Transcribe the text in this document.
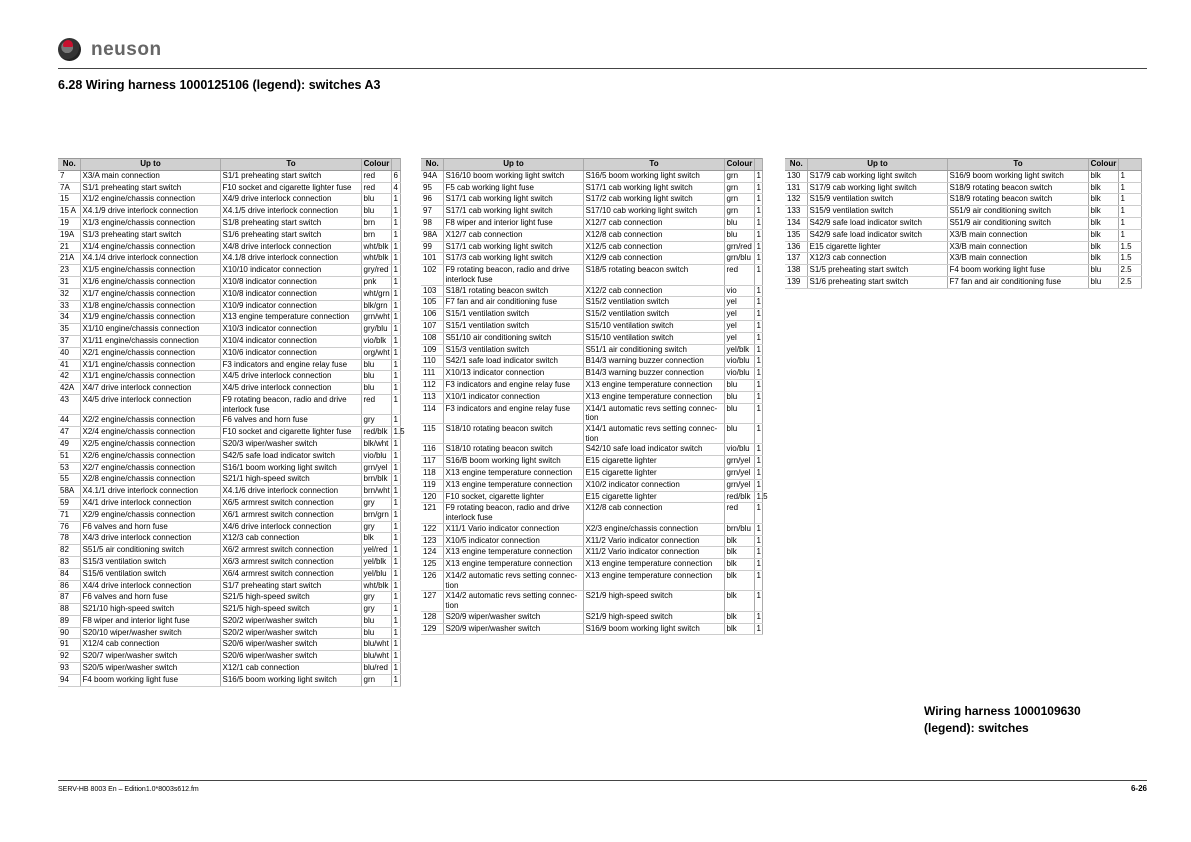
neuson
6.28 Wiring harness 1000125106 (legend): switches A3
No.	Up to	To	Colour	
7	X3/A main connection	S1/1 preheating start switch	red	6
7A	S1/1 preheating start switch	F10 socket and cigarette lighter fuse	red	4
15	X1/2 engine/chassis connection	X4/9 drive interlock connection	blu	1
15 A	X4.1/9 drive interlock connection	X4.1/5 drive interlock connection	blu	1
19	X1/3 engine/chassis connection	S1/8 preheating start switch	brn	1
19A	S1/3 preheating start switch	S1/6 preheating start switch	brn	1
21	X1/4 engine/chassis connection	X4/8 drive interlock connection	wht/blk	1
21A	X4.1/4 drive interlock connection	X4.1/8 drive interlock connection	wht/blk	1
23	X1/5 engine/chassis connection	X10/10 indicator connection	gry/red	1
31	X1/6 engine/chassis connection	X10/8 indicator connection	pnk	1
32	X1/7 engine/chassis connection	X10/8 indicator connection	wht/grn	1
33	X1/8 engine/chassis connection	X10/9 indicator connection	blk/grn	1
34	X1/9 engine/chassis connection	X13 engine temperature connection	grn/wht	1
35	X1/10 engine/chassis connection	X10/3 indicator connection	gry/blu	1
37	X1/11 engine/chassis connection	X10/4 indicator connection	vio/blk	1
40	X2/1 engine/chassis connection	X10/6 indicator connection	org/wht	1
41	X1/1 engine/chassis connection	F3 indicators and engine relay fuse	blu	1
42	X1/1 engine/chassis connection	X4/5 drive interlock connection	blu	1
42A	X4/7 drive interlock connection	X4/5 drive interlock connection	blu	1
43	X4/5 drive interlock connection	F9 rotating beacon, radio and drive interlock fuse	red	1
44	X2/2 engine/chassis connection	F6 valves and horn fuse	gry	1
47	X2/4 engine/chassis connection	F10 socket and cigarette lighter fuse	red/blk	1.5
49	X2/5 engine/chassis connection	S20/3 wiper/washer switch	blk/wht	1
51	X2/6 engine/chassis connection	S42/5 safe load indicator switch	vio/blu	1
53	X2/7 engine/chassis connection	S16/1 boom working light switch	grn/yel	1
55	X2/8 engine/chassis connection	S21/1 high-speed switch	brn/blk	1
58A	X4.1/1 drive interlock connection	X4.1/6 drive interlock connection	brn/wht	1
59	X4/1 drive interlock connection	X6/5 armrest switch connection	gry	1
71	X2/9 engine/chassis connection	X6/1 armrest switch connection	brn/grn	1
76	F6 valves and horn fuse	X4/6 drive interlock connection	gry	1
78	X4/3 drive interlock connection	X12/3 cab connection	blk	1
82	S51/5 air conditioning switch	X6/2 armrest switch connection	yel/red	1
83	S15/3 ventilation switch	X6/3 armrest switch connection	yel/blk	1
84	S15/6 ventilation switch	X6/4 armrest switch connection	yel/blu	1
86	X4/4 drive interlock connection	S1/7 preheating start switch	wht/blk	1
87	F6 valves and horn fuse	S21/5 high-speed switch	gry	1
88	S21/10 high-speed switch	S21/5 high-speed switch	gry	1
89	F8 wiper and interior light fuse	S20/2 wiper/washer switch	blu	1
90	S20/10 wiper/washer switch	S20/2 wiper/washer switch	blu	1
91	X12/4 cab connection	S20/6 wiper/washer switch	blu/wht	1
92	S20/7 wiper/washer switch	S20/6 wiper/washer switch	blu/wht	1
93	S20/5 wiper/washer switch	X12/1 cab connection	blu/red	1
94	F4 boom working light fuse	S16/5 boom working light switch	grn	1
No.	Up to	To	Colour	
94A	S16/10 boom working light switch	S16/5 boom working light switch	grn	1
95	F5 cab working light fuse	S17/1 cab working light switch	grn	1
96	S17/1 cab working light switch	S17/2 cab working light switch	grn	1
97	S17/1 cab working light switch	S17/10 cab working light switch	grn	1
98	F8 wiper and interior light fuse	X12/7 cab connection	blu	1
98A	X12/7 cab connection	X12/8 cab connection	blu	1
99	S17/1 cab working light switch	X12/5 cab connection	grn/red	1
101	S17/3 cab working light switch	X12/9 cab connection	grn/blu	1
102	F9 rotating beacon, radio and drive interlock fuse	S18/5 rotating beacon switch	red	1
103	S18/1 rotating beacon switch	X12/2 cab connection	vio	1
105	F7 fan and air conditioning fuse	S15/2 ventilation switch	yel	1
106	S15/1 ventilation switch	S15/2 ventilation switch	yel	1
107	S15/1 ventilation switch	S15/10 ventilation switch	yel	1
108	S51/10 air conditioning switch	S15/10 ventilation switch	yel	1
109	S15/3 ventilation switch	S51/1 air conditioning switch	yel/blk	1
110	S42/1 safe load indicator switch	B14/3 warning buzzer connection	vio/blu	1
111	X10/13 indicator connection	B14/3 warning buzzer connection	vio/blu	1
112	F3 indicators and engine relay fuse	X13 engine temperature connection	blu	1
113	X10/1 indicator connection	X13 engine temperature connection	blu	1
114	F3 indicators and engine relay fuse	X14/1 automatic revs setting connec-tion	blu	1
115	S18/10 rotating beacon switch	X14/1 automatic revs setting connec-tion	blu	1
116	S18/10 rotating beacon switch	S42/10 safe load indicator switch	vio/blu	1
117	S16/B boom working light switch	E15 cigarette lighter	grn/yel	1
118	X13 engine temperature connection	E15 cigarette lighter	grn/yel	1
119	X13 engine temperature connection	X10/2 indicator connection	grn/yel	1
120	F10 socket, cigarette lighter	E15 cigarette lighter	red/blk	1.5
121	F9 rotating beacon, radio and drive interlock fuse	X12/8 cab connection	red	1
122	X11/1 Vario indicator connection	X2/3 engine/chassis connection	brn/blu	1
123	X10/5 indicator connection	X11/2 Vario indicator connection	blk	1
124	X13 engine temperature connection	X11/2 Vario indicator connection	blk	1
125	X13 engine temperature connection	X13 engine temperature connection	blk	1
126	X14/2 automatic revs setting connec-tion	X13 engine temperature connection	blk	1
127	X14/2 automatic revs setting connec-tion	S21/9 high-speed switch	blk	1
128	S20/9 wiper/washer switch	S21/9 high-speed switch	blk	1
129	S20/9 wiper/washer switch	S16/9 boom working light switch	blk	1
No.	Up to	To	Colour	
130	S17/9 cab working light switch	S16/9 boom working light switch	blk	1
131	S17/9 cab working light switch	S18/9 rotating beacon switch	blk	1
132	S15/9 ventilation switch	S18/9 rotating beacon switch	blk	1
133	S15/9 ventilation switch	S51/9 air conditioning switch	blk	1
134	S42/9 safe load indicator switch	S51/9 air conditioning switch	blk	1
135	S42/9 safe load indicator switch	X3/B main connection	blk	1
136	E15 cigarette lighter	X3/B main connection	blk	1.5
137	X12/3 cab connection	X3/B main connection	blk	1.5
138	S1/5 preheating start switch	F4 boom working light fuse	blu	2.5
139	S1/6 preheating start switch	F7 fan and air conditioning fuse	blu	2.5
Wiring harness 1000109630
(legend): switches
SERV-HB 8003 En – Edition1.0*8003s612.fm	6-26
